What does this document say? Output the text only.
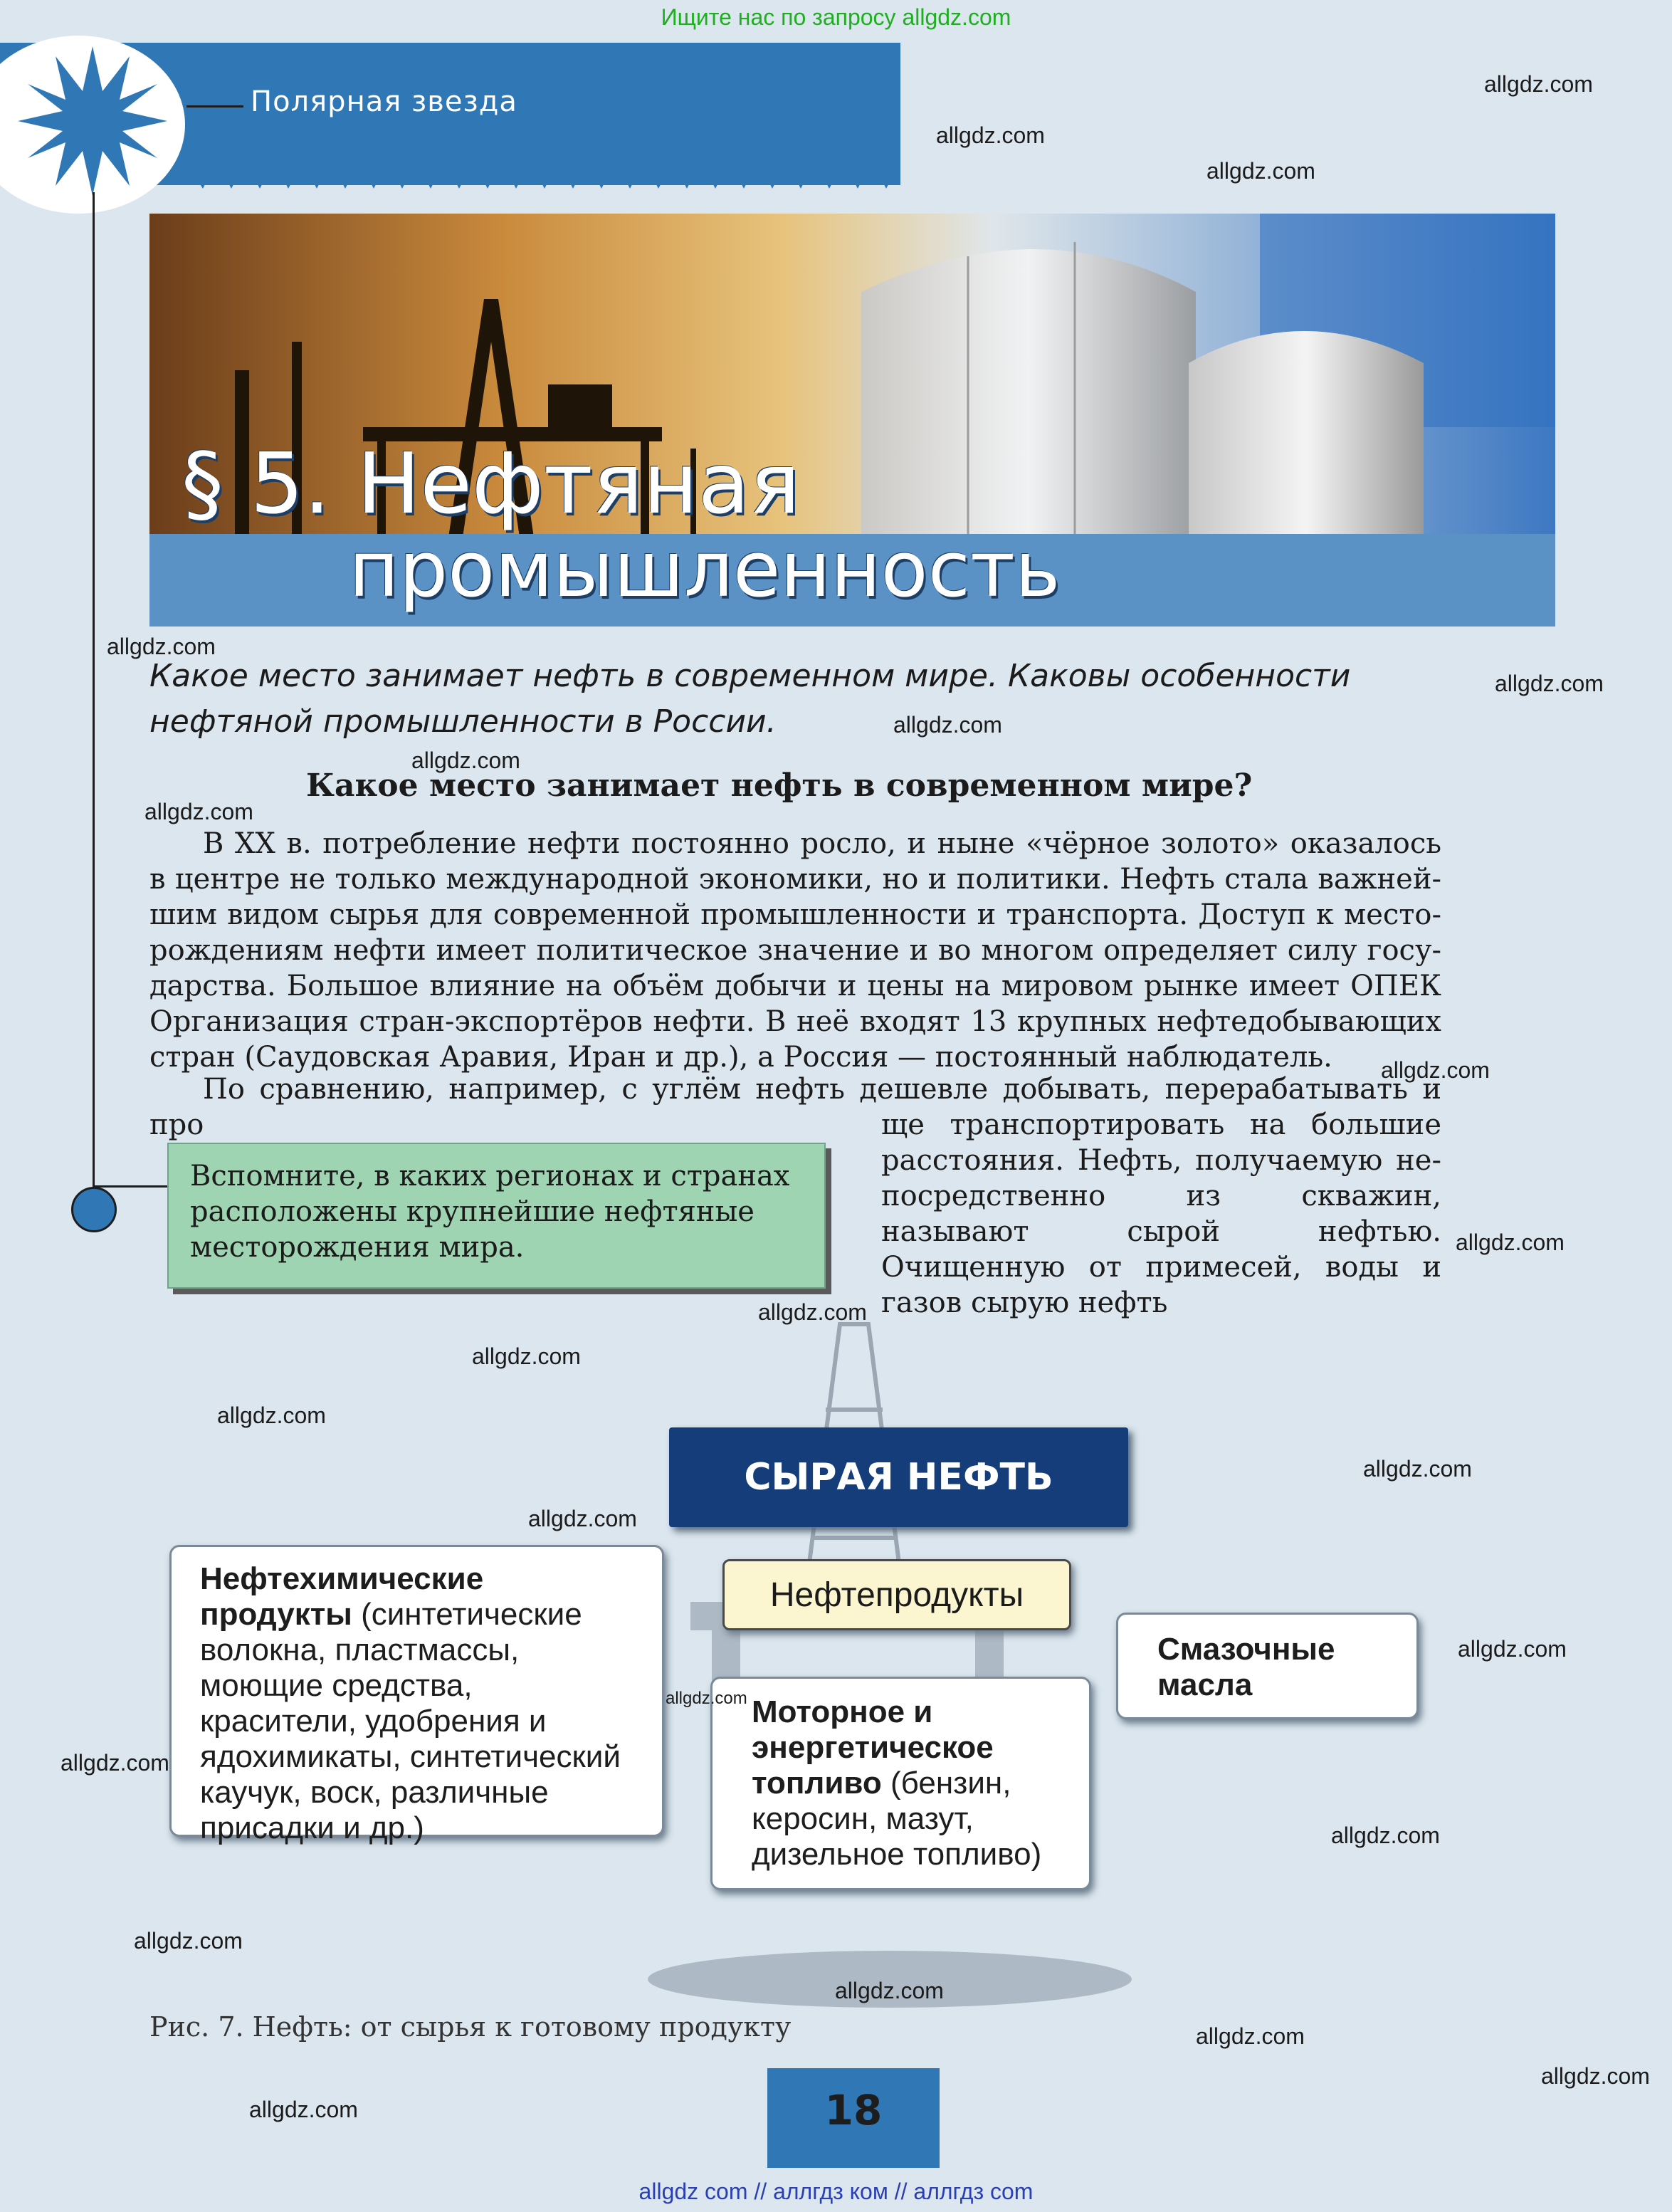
Ищите нас по запросу allgdz.com
Полярная звезда
§ 5. Нефтяная
промышленность
Какое место занимает нефть в современном мире. Каковы особенности нефтяной промышленности в России.
Какое место занимает нефть в современном мире?
В XX в. потребление нефти постоянно росло, и ныне «чёрное золото» оказалось в центре не только международной экономики, но и политики. Нефть стала важнейшим видом сырья для современной промышленности и транспорта. Доступ к месторождениям нефти имеет политическое значение и во многом определяет силу государства. Большое влияние на объём добычи и цены на мировом рынке имеет ОПЕК Организация стран-экспортёров нефти. В неё входят 13 крупных нефтедобывающих стран (Саудовская Аравия, Иран и др.), а Россия — постоянный наблюдатель.
По сравнению, например, с углём нефть дешевле добывать, перерабатывать и про	ще транспортировать на большие расстояния. Нефть, получаемую непосредственно из скважин, называют сырой нефтью. Очищенную от примесей, воды и газов сырую нефть
Вспомните, в каких регионах и странах расположены крупнейшие нефтяные месторождения мира.
СЫРАЯ НЕФТЬ
Нефтехимические продукты (синтетические волокна, пластмассы, моющие средства, красители, удобрения и ядохимикаты, синтетический каучук, воск, различные присадки и др.)
Нефтепродукты
Смазочные масла
Моторное и энергетическое топливо (бензин, керосин, мазут, дизельное топливо)
Рис. 7. Нефть: от сырья к готовому продукту
18
allgdz.com
allgdz.com
allgdz.com
allgdz.com
allgdz.com
allgdz.com
allgdz.com
allgdz.com
allgdz.com
allgdz.com
allgdz.com
allgdz.com
allgdz.com
allgdz.com
allgdz.com
allgdz.com
allgdz.com
allgdz.com
allgdz.com
allgdz.com
allgdz.com
allgdz.com
allgdz.com
allgdz.com
allgdz com // аллгдз ком // аллгдз com
